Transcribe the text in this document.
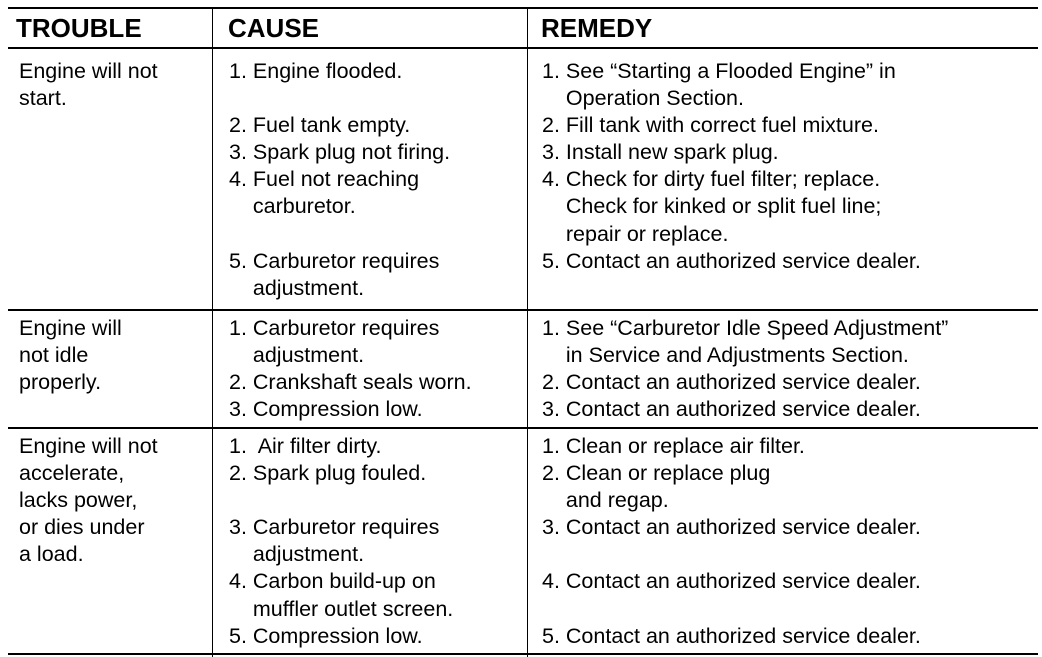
TROUBLE	CAUSE	REMEDY
Engine will not
start.
1. Engine flooded.
2. Fuel tank empty.
3. Spark plug not firing.
4. Fuel not reaching
carburetor.
5. Carburetor requires
adjustment.
1. See “Starting a Flooded Engine” in
Operation Section.
2. Fill tank with correct fuel mixture.
3. Install new spark plug.
4. Check for dirty fuel filter; replace.
Check for kinked or split fuel line;
repair or replace.
5. Contact an authorized service dealer.
Engine will
not idle
properly.
1. Carburetor requires
adjustment.
2. Crankshaft seals worn.
3. Compression low.
1. See “Carburetor Idle Speed Adjustment”
in Service and Adjustments Section.
2. Contact an authorized service dealer.
3. Contact an authorized service dealer.
Engine will not
accelerate,
lacks power,
or dies under
a load.
1.  Air filter dirty.
2. Spark plug fouled.
3. Carburetor requires
adjustment.
4. Carbon build-up on
muffler outlet screen.
5. Compression low.
1. Clean or replace air filter.
2. Clean or replace plug
and regap.
3. Contact an authorized service dealer.
4. Contact an authorized service dealer.
5. Contact an authorized service dealer.
